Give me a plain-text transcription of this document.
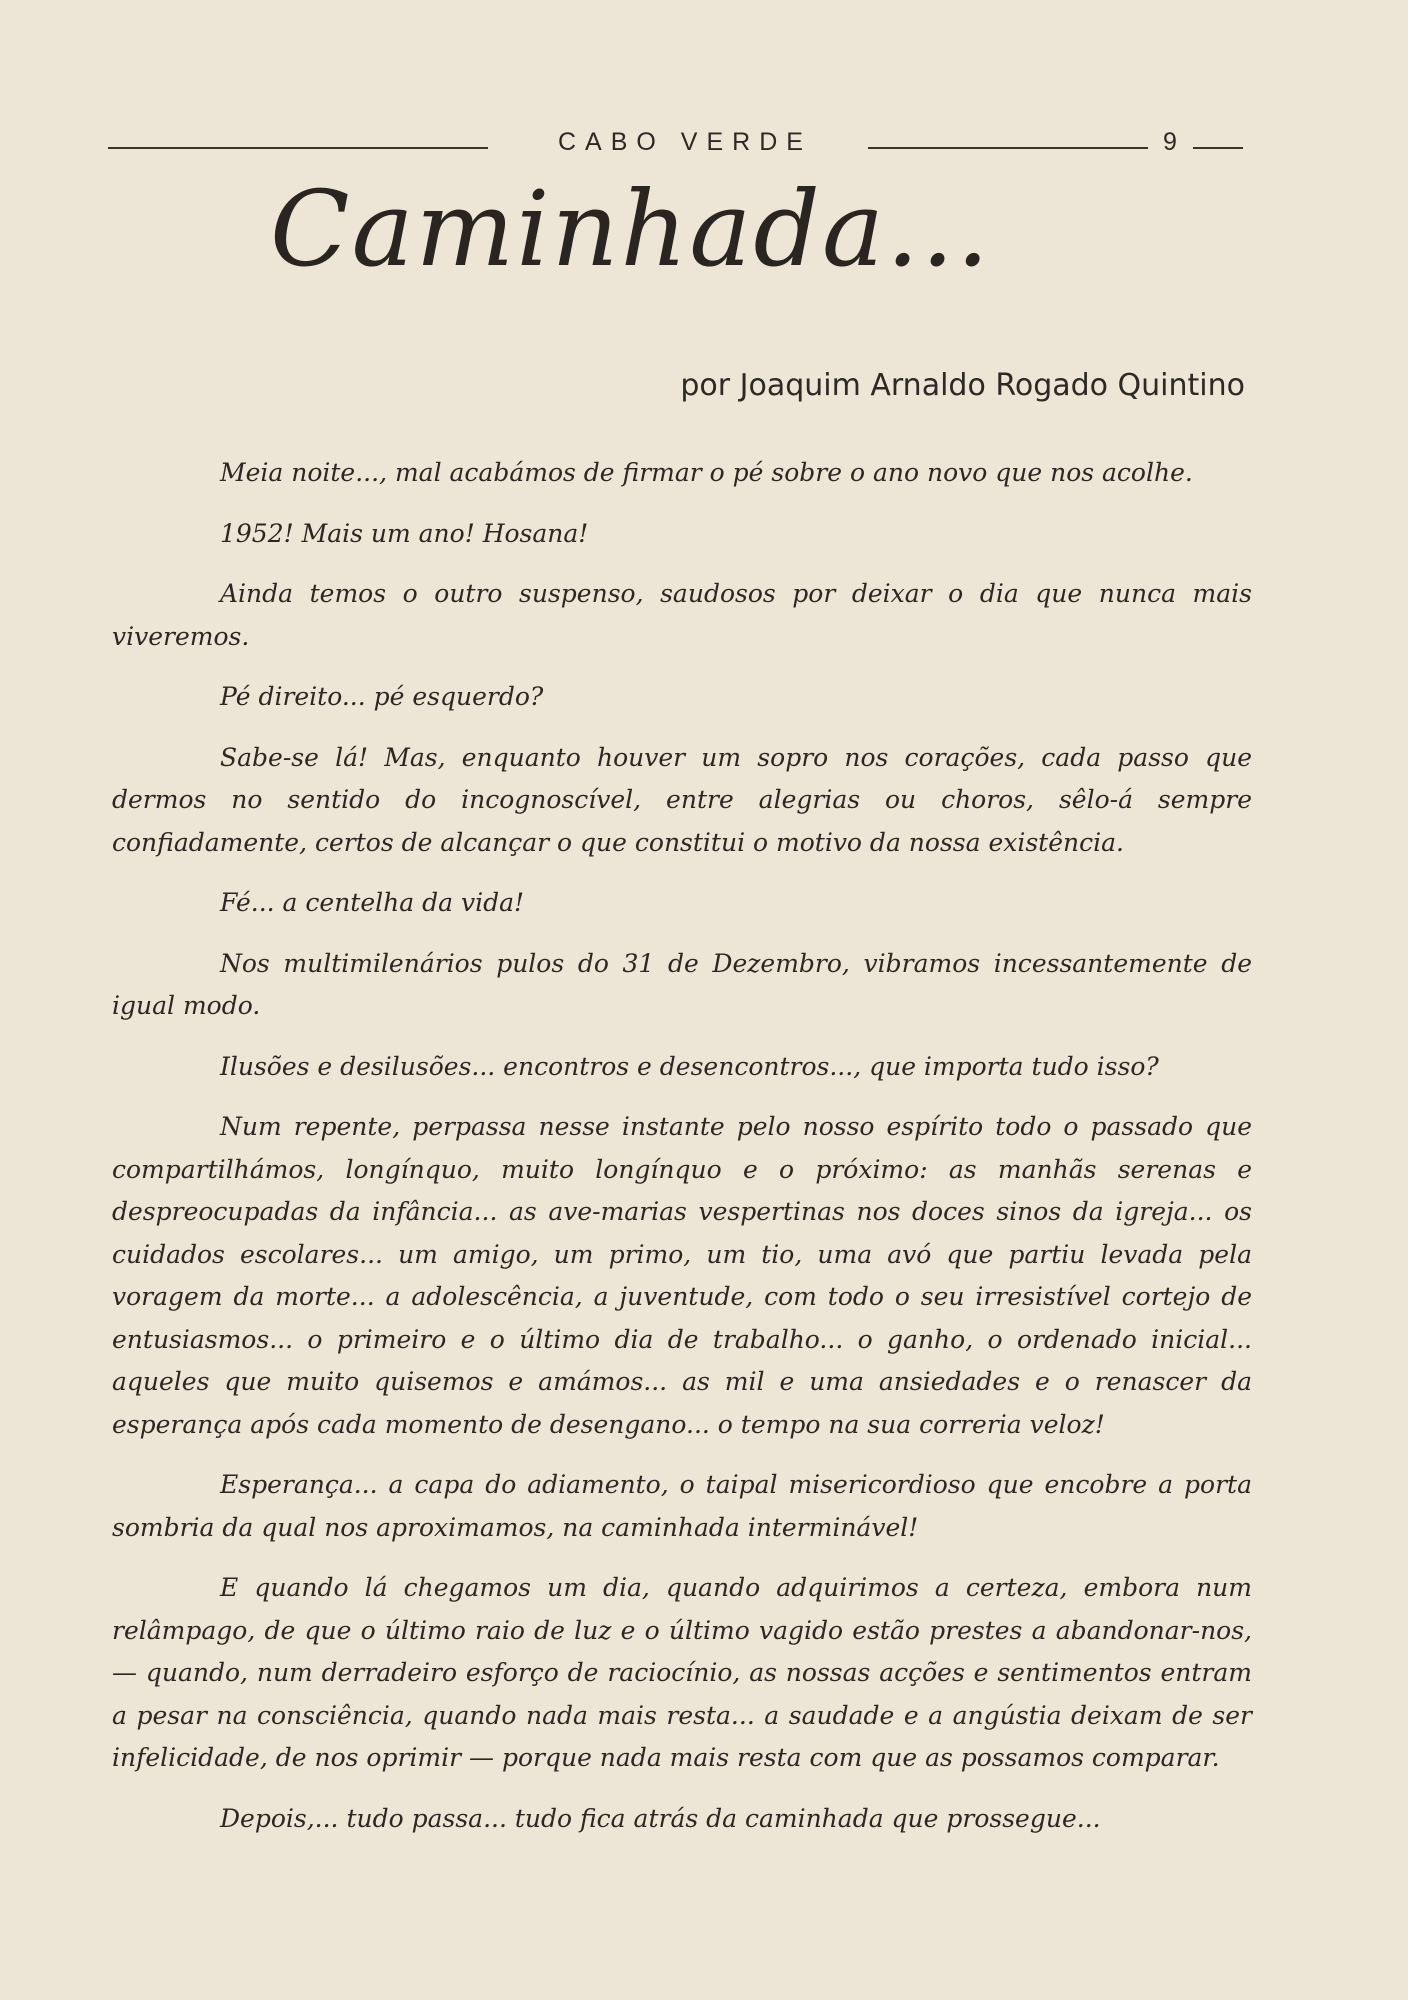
CABO VERDE	9
Caminhada...
por Joaquim Arnaldo Rogado Quintino

Meia noite..., mal acabámos de firmar o pé sobre o ano novo que nos acolhe.

1952! Mais um ano! Hosana!

Ainda temos o outro suspenso, saudosos por deixar o dia que nunca mais viveremos.

Pé direito... pé esquerdo?

Sabe-se lá! Mas, enquanto houver um sopro nos corações, cada passo que dermos no sentido do incognoscível, entre alegrias ou choros, sêlo-á sempre confiadamente, certos de alcançar o que constitui o motivo da nossa existência.

Fé... a centelha da vida!

Nos multimilenários pulos do 31 de Dezembro, vibramos incessantemente de igual modo.

Ilusões e desilusões... encontros e desencontros..., que importa tudo isso?

Num repente, perpassa nesse instante pelo nosso espírito todo o passado que compartilhámos, longínquo, muito longínquo e o próximo: as manhãs serenas e despreocupadas da infância... as ave-marias vespertinas nos doces sinos da igreja... os cuidados escolares... um amigo, um primo, um tio, uma avó que partiu levada pela voragem da morte... a adolescência, a juventude, com todo o seu irresistível cortejo de entusiasmos... o primeiro e o último dia de trabalho... o ganho, o ordenado inicial... aqueles que muito quisemos e amámos... as mil e uma ansiedades e o renascer da esperança após cada momento de desengano... o tempo na sua correria veloz!

Esperança... a capa do adiamento, o taipal misericordioso que encobre a porta sombria da qual nos aproximamos, na caminhada interminável!

E quando lá chegamos um dia, quando adquirimos a certeza, embora num relâmpago, de que o último raio de luz e o último vagido estão prestes a abandonar-nos, — quando, num derradeiro esforço de raciocínio, as nossas acções e sentimentos entram a pesar na consciência, quando nada mais resta... a saudade e a angústia deixam de ser infelicidade, de nos oprimir — porque nada mais resta com que as possamos comparar.

Depois,... tudo passa... tudo fica atrás da caminhada que prossegue...
